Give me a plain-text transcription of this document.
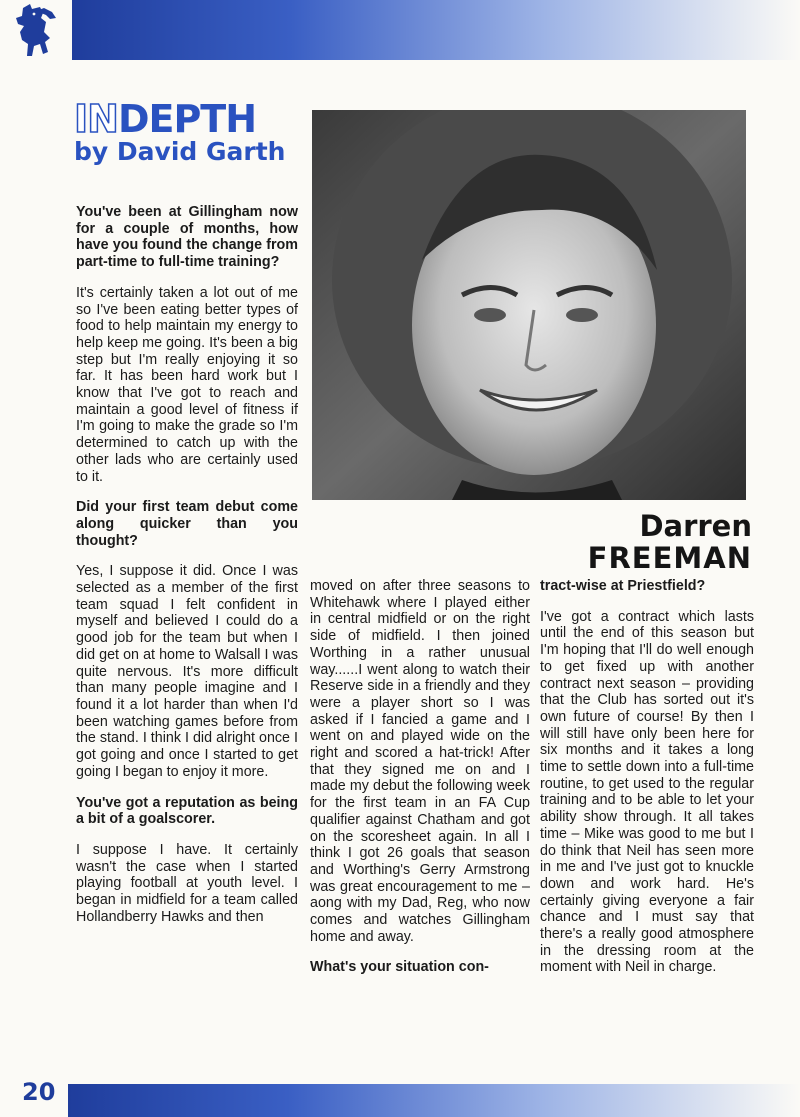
INDEPTH
by David Garth
Darren
FREEMAN

You've been at Gillingham now for a couple of months, how have you found the change from part-time to full-time training?

It's certainly taken a lot out of me so I've been eating better types of food to help maintain my energy to help keep me going. It's been a big step but I'm really enjoying it so far. It has been hard work but I know that I've got to reach and maintain a good level of fitness if I'm going to make the grade so I'm determined to catch up with the other lads who are certainly used to it.

Did your first team debut come along quicker than you thought?

Yes, I suppose it did. Once I was selected as a member of the first team squad I felt confident in myself and believed I could do a good job for the team but when I did get on at home to Walsall I was quite nervous. It's more difficult than many people imagine and I found it a lot harder than when I'd been watching games before from the stand. I think I did alright once I got going and once I started to get going I began to enjoy it more.

You've got a reputation as being a bit of a goalscorer.

I suppose I have. It certainly wasn't the case when I started playing football at youth level. I began in midfield for a team called Hollandberry Hawks and then

moved on after three seasons to Whitehawk where I played either in central midfield or on the right side of midfield. I then joined Worthing in a rather unusual way......I went along to watch their Reserve side in a friendly and they were a player short so I was asked if I fancied a game and I went on and played wide on the right and scored a hat-trick! After that they signed me on and I made my debut the following week for the first team in an FA Cup qualifier against Chatham and got on the scoresheet again. In all I think I got 26 goals that season and Worthing's Gerry Armstrong was great encouragement to me – aong with my Dad, Reg, who now comes and watches Gillingham home and away.

What's your situation con-

tract-wise at Priestfield?

I've got a contract which lasts until the end of this season but I'm hoping that I'll do well enough to get fixed up with another contract next season – providing that the Club has sorted out it's own future of course! By then I will still have only been here for six months and it takes a long time to settle down into a full-time routine, to get used to the regular training and to be able to let your ability show through. It all takes time – Mike was good to me but I do think that Neil has seen more in me and I've just got to knuckle down and work hard. He's certainly giving everyone a fair chance and I must say that there's a really good atmosphere in the dressing room at the moment with Neil in charge.

20
